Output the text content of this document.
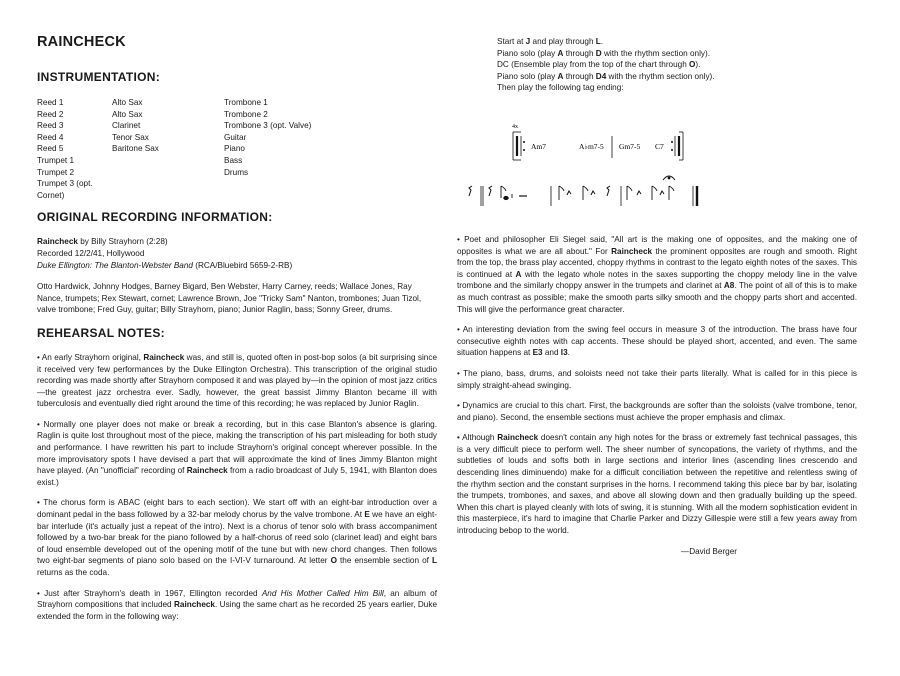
RAINCHECK
INSTRUMENTATION:
Reed 1
Reed 2
Reed 3
Reed 4
Reed 5
Trumpet 1
Trumpet 2
Trumpet 3 (opt. Cornet)
Alto Sax
Alto Sax
Clarinet
Tenor Sax
Baritone Sax
Trombone 1
Trombone 2
Trombone 3 (opt. Valve)
Guitar
Piano
Bass
Drums
ORIGINAL RECORDING INFORMATION:
Raincheck by Billy Strayhorn (2:28)
Recorded 12/2/41, Hollywood
Duke Ellington: The Blanton-Webster Band (RCA/Bluebird 5659-2-RB)
Otto Hardwick, Johnny Hodges, Barney Bigard, Ben Webster, Harry Carney, reeds; Wallace Jones, Ray Nance, trumpets; Rex Stewart, cornet; Lawrence Brown, Joe "Tricky Sam" Nanton, trombones; Juan Tizol, valve trombone; Fred Guy, guitar; Billy Strayhorn, piano; Junior Raglin, bass; Sonny Greer, drums.
REHEARSAL NOTES:

• An early Strayhorn original, Raincheck was, and still is, quoted often in post-bop solos (a bit surprising since it received very few performances by the Duke Ellington Orchestra). This transcription of the original studio recording was made shortly after Strayhorn composed it and was played by—in the opinion of most jazz critics—the greatest jazz orchestra ever. Sadly, however, the great bassist Jimmy Blanton became ill with tuberculosis and eventually died right around the time of this recording; he was replaced by Junior Raglin.

• Normally one player does not make or break a recording, but in this case Blanton's absence is glaring. Raglin is quite lost throughout most of the piece, making the transcription of his part misleading for both study and performance. I have rewritten his part to include Strayhorn's original concept wherever possible. In the more improvisatory spots I have devised a part that will approximate the kind of lines Jimmy Blanton might have played. (An "unofficial" recording of Raincheck from a radio broadcast of July 5, 1941, with Blanton does exist.)

• The chorus form is ABAC (eight bars to each section). We start off with an eight-bar introduction over a dominant pedal in the bass followed by a 32-bar melody chorus by the valve trombone. At E we have an eight-bar interlude (it's actually just a repeat of the intro). Next is a chorus of tenor solo with brass accompaniment followed by a two-bar break for the piano followed by a half-chorus of reed solo (clarinet lead) and eight bars of loud ensemble developed out of the opening motif of the tune but with new chord changes. Then follows two eight-bar segments of piano solo based on the I-VI-V turnaround. At letter O the ensemble section of L returns as the coda.

• Just after Strayhorn's death in 1967, Ellington recorded And His Mother Called Him Bill, an album of Strayhorn compositions that included Raincheck. Using the same chart as he recorded 25 years earlier, Duke extended the form in the following way:

Start at J and play through L.
Piano solo (play A through D with the rhythm section only).
DC (Ensemble play from the top of the chart through O).
Piano solo (play A through D4 with the rhythm section only).
Then play the following tag ending:
4x
Am7	A♭m7-5 Gm7-5 C7

• Poet and philosopher Eli Siegel said, "All art is the making one of opposites, and the making one of opposites is what we are all about." For Raincheck the prominent opposites are rough and smooth. Right from the top, the brass play accented, choppy rhythms in contrast to the legato eighth notes of the saxes. This is continued at A with the legato whole notes in the saxes supporting the choppy melody line in the valve trombone and the similarly choppy answer in the trumpets and clarinet at A8. The point of all of this is to make as much contrast as possible; make the smooth parts silky smooth and the choppy parts short and accented. This will give the performance great character.

• An interesting deviation from the swing feel occurs in measure 3 of the introduction. The brass have four consecutive eighth notes with cap accents. These should be played short, accented, and even. The same situation happens at E3 and I3.

• The piano, bass, drums, and soloists need not take their parts literally. What is called for in this piece is simply straight-ahead swinging.

• Dynamics are crucial to this chart. First, the backgrounds are softer than the soloists (valve trombone, tenor, and piano). Second, the ensemble sections must achieve the proper emphasis and climax.

• Although Raincheck doesn't contain any high notes for the brass or extremely fast technical passages, this is a very difficult piece to perform well. The sheer number of syncopations, the variety of rhythms, and the subtleties of louds and softs both in large sections and interior lines (ascending lines crescendo and descending lines diminuendo) make for a difficult conciliation between the repetitive and relentless swing of the rhythm section and the constant surprises in the horns. I recommend taking this piece bar by bar, isolating the trumpets, trombones, and saxes, and above all slowing down and then gradually building up the speed. When this chart is played cleanly with lots of swing, it is stunning. With all the modern sophistication evident in this masterpiece, it's hard to imagine that Charlie Parker and Dizzy Gillespie were still a few years away from introducing bebop to the world.

—David Berger
